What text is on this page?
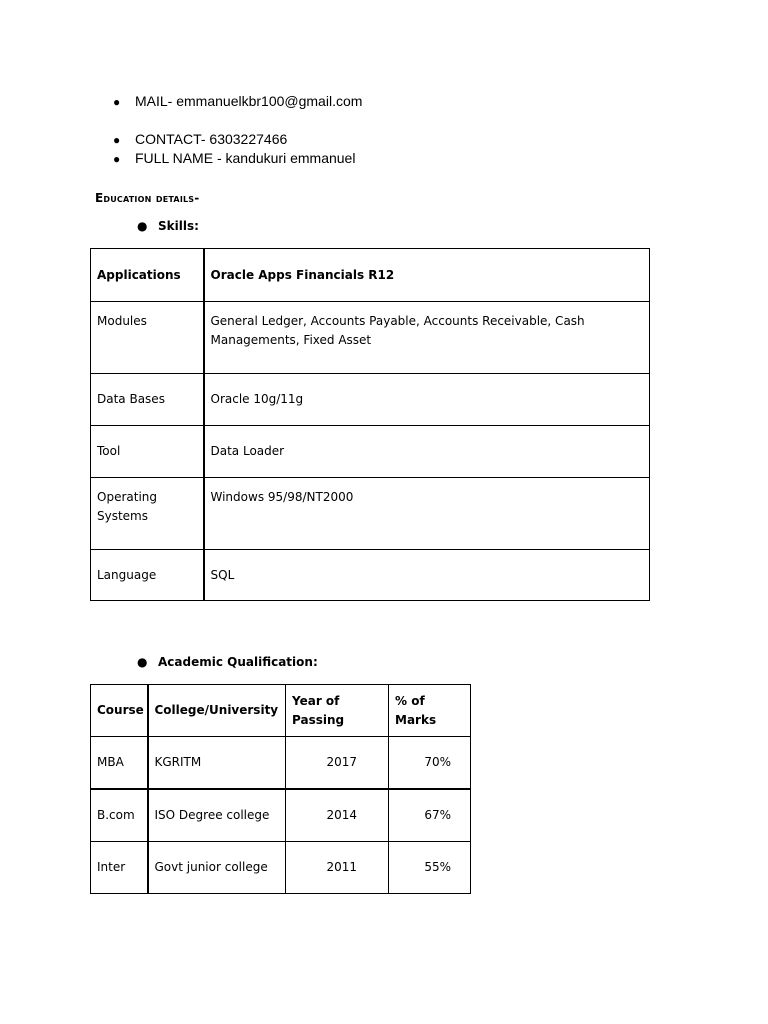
● MAIL- emmanuelkbr100@gmail.com
● CONTACT- 6303227466
● FULL NAME - kandukuri emmanuel
Education details-
● Skills:
Applications	Oracle Apps Financials R12
Modules	General Ledger, Accounts Payable, Accounts Receivable, Cash Managements, Fixed Asset
Data Bases	Oracle 10g/11g
Tool	Data Loader
Operating Systems	Windows 95/98/NT2000
Language	SQL
● Academic Qualification:
Course	College/University	Year of Passing	% of Marks
MBA	KGRITM	2017	70%
B.com	ISO Degree college	2014	67%
Inter	Govt junior college	2011	55%
